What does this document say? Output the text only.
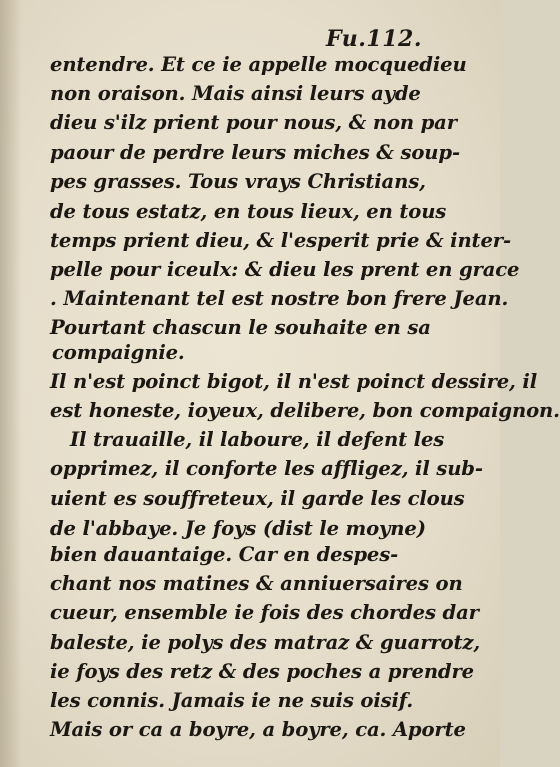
Fu.112.
entendre. Et ce ie appelle mocquedieu
non oraison. Mais ainsi leurs ayde
dieu s'ilz prient pour nous, & non par
paour de perdre leurs miches & soup-
pes grasses. Tous vrays Christians,
de tous estatz, en tous lieux, en tous
temps prient dieu, & l'esperit prie & inter-
pelle pour iceulx: & dieu les prent en grace
. Maintenant tel est nostre bon frere Jean.
Pourtant chascun le souhaite en sa
compaignie.
Il n'est poinct bigot, il n'est poinct dessire, il
est honeste, ioyeux, delibere, bon compaignon.
Il trauaille, il laboure, il defent les
opprimez, il conforte les affligez, il sub-
uient es souffreteux, il garde les clous
de l'abbaye. Je foys (dist le moyne)
bien dauantaige. Car en despes-
chant nos matines & anniuersaires on
cueur, ensemble ie fois des chordes dar
baleste, ie polys des matraz & guarrotz,
ie foys des retz & des poches a prendre
les connis. Jamais ie ne suis oisif.
Mais or ca a boyre, a boyre, ca. Aporte
